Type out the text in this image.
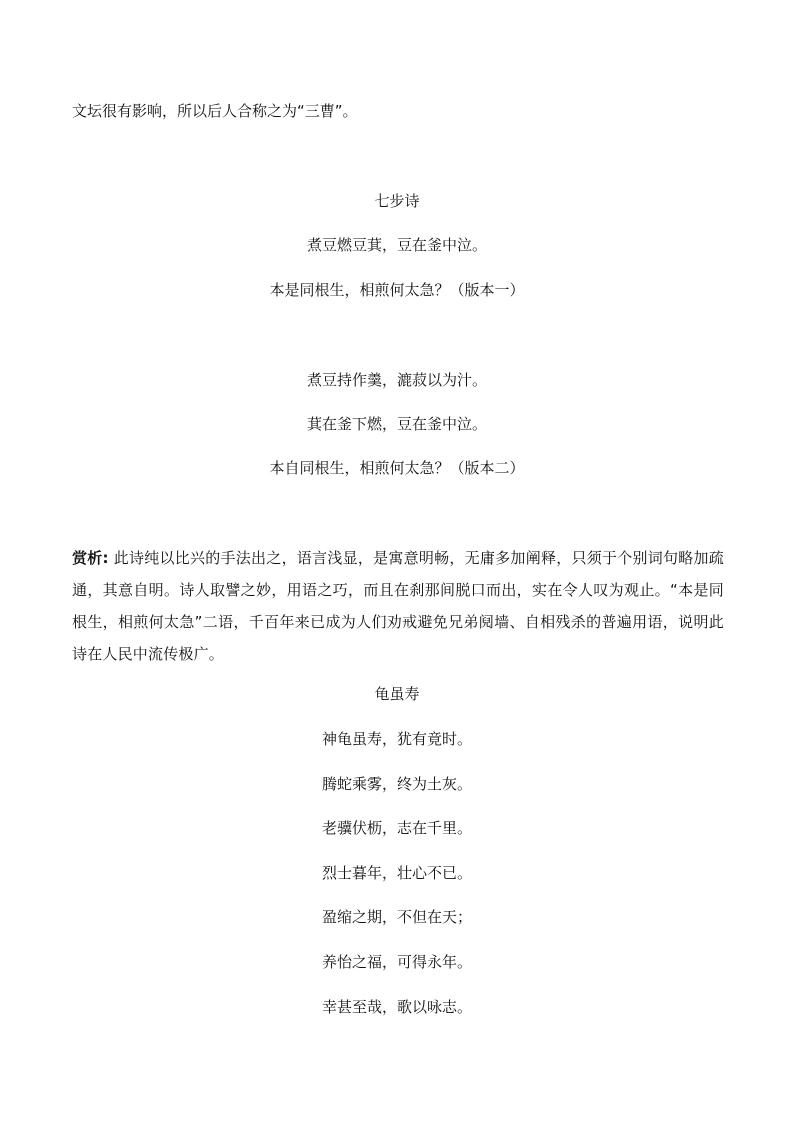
文坛很有影响，所以后人合称之为“三曹”。
七步诗
煮豆燃豆萁，豆在釜中泣。
本是同根生，相煎何太急？（版本一）
煮豆持作羹，漉菽以为汁。
萁在釜下燃，豆在釜中泣。
本自同根生，相煎何太急？（版本二）
赏析: 此诗纯以比兴的手法出之，语言浅显，是寓意明畅，无庸多加阐释，只须于个别词句略加疏通，其意自明。诗人取譬之妙，用语之巧，而且在刹那间脱口而出，实在令人叹为观止。“本是同根生，相煎何太急”二语，千百年来已成为人们劝戒避免兄弟阋墙、自相残杀的普遍用语，说明此诗在人民中流传极广。
龟虽寿
神龟虽寿，犹有竟时。
腾蛇乘雾，终为土灰。
老骥伏枥，志在千里。
烈士暮年，壮心不已。
盈缩之期，不但在天；
养怡之福，可得永年。
幸甚至哉，歌以咏志。
